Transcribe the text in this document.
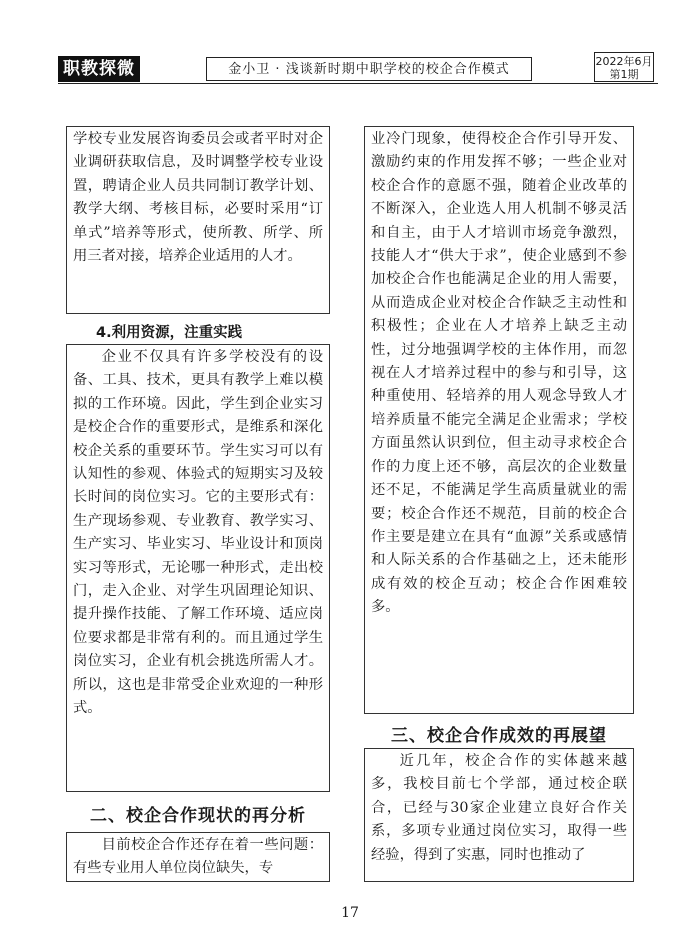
职教探微	金小卫 · 浅谈新时期中职学校的校企合作模式
2022年6月
第1期

学校专业发展咨询委员会或者平时对企业调研获取信息，及时调整学校专业设置，聘请企业人员共同制订教学计划、教学大纲、考核目标，必要时采用“订单式”培养等形式，使所教、所学、所用三者对接，培养企业适用的人才。

4.利用资源，注重实践

企业不仅具有许多学校没有的设备、工具、技术，更具有教学上难以模拟的工作环境。因此，学生到企业实习是校企合作的重要形式，是维系和深化校企关系的重要环节。学生实习可以有认知性的参观、体验式的短期实习及较长时间的岗位实习。它的主要形式有：生产现场参观、专业教育、教学实习、生产实习、毕业实习、毕业设计和顶岗实习等形式，无论哪一种形式，走出校门，走入企业、对学生巩固理论知识、提升操作技能、了解工作环境、适应岗位要求都是非常有利的。而且通过学生岗位实习，企业有机会挑选所需人才。所以，这也是非常受企业欢迎的一种形式。

二、校企合作现状的再分析

目前校企合作还存在着一些问题：有些专业用人单位岗位缺失，专

业冷门现象，使得校企合作引导开发、激励约束的作用发挥不够；一些企业对校企合作的意愿不强，随着企业改革的不断深入，企业选人用人机制不够灵活和自主，由于人才培训市场竞争激烈，技能人才“供大于求”，使企业感到不参加校企合作也能满足企业的用人需要，从而造成企业对校企合作缺乏主动性和积极性；企业在人才培养上缺乏主动性，过分地强调学校的主体作用，而忽视在人才培养过程中的参与和引导，这种重使用、轻培养的用人观念导致人才培养质量不能完全满足企业需求；学校方面虽然认识到位，但主动寻求校企合作的力度上还不够，高层次的企业数量还不足，不能满足学生高质量就业的需要；校企合作还不规范，目前的校企合作主要是建立在具有“血源”关系或感情和人际关系的合作基础之上，还未能形成有效的校企互动；校企合作困难较多。

三、校企合作成效的再展望

近几年，校企合作的实体越来越多，我校目前七个学部，通过校企联合，已经与30家企业建立良好合作关系，多项专业通过岗位实习，取得一些经验，得到了实惠，同时也推动了

17
